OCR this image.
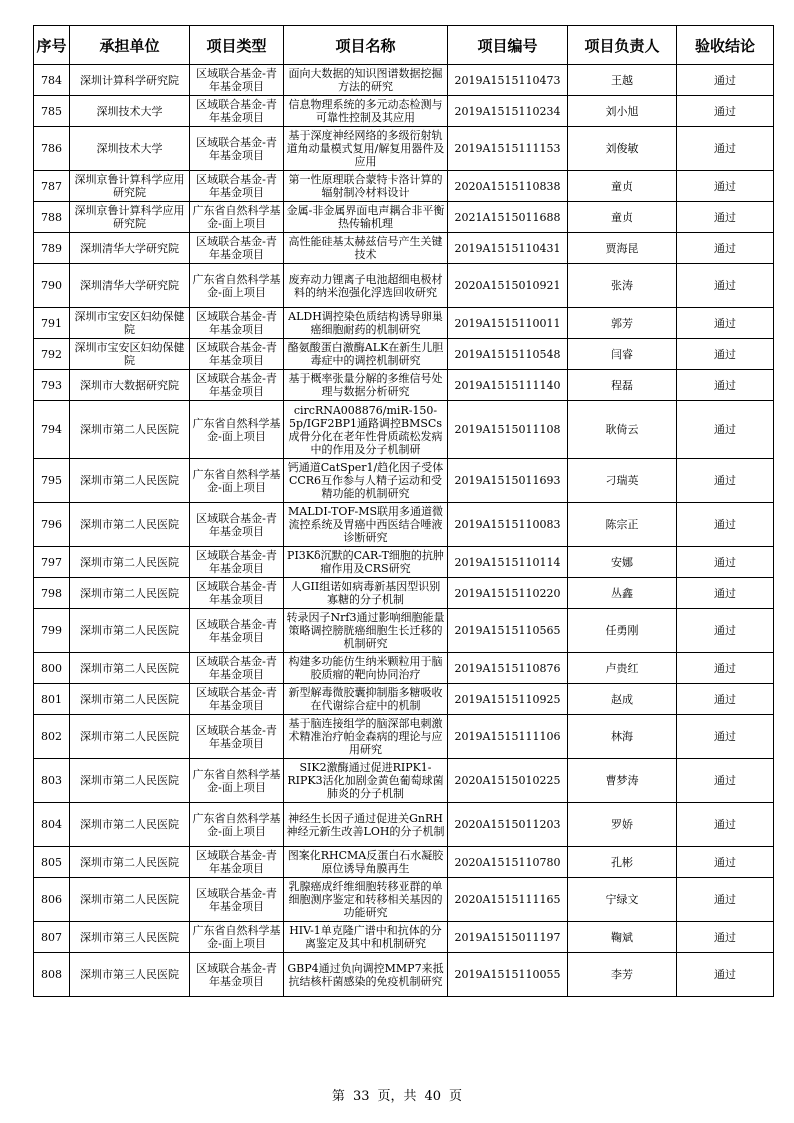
序号	承担单位	项目类型	项目名称	项目编号	项目负责人	验收结论
784	深圳计算科学研究院	区域联合基金-青年基金项目	面向大数据的知识图谱数据挖掘方法的研究	2019A1515110473	王越	通过
785	深圳技术大学	区域联合基金-青年基金项目	信息物理系统的多元动态检测与可靠性控制及其应用	2019A1515110234	刘小旭	通过
786	深圳技术大学	区域联合基金-青年基金项目	基于深度神经网络的多级衍射轨道角动量模式复用/解复用器件及应用	2019A1515111153	刘俊敏	通过
787	深圳京鲁计算科学应用研究院	区域联合基金-青年基金项目	第一性原理联合蒙特卡洛计算的辐射制冷材料设计	2020A1515110838	童贞	通过
788	深圳京鲁计算科学应用研究院	广东省自然科学基金-面上项目	金属-非金属界面电声耦合非平衡热传输机理	2021A1515011688	童贞	通过
789	深圳清华大学研究院	区域联合基金-青年基金项目	高性能硅基太赫兹信号产生关键技术	2019A1515110431	贾海昆	通过
790	深圳清华大学研究院	广东省自然科学基金-面上项目	废弃动力锂离子电池超细电极材料的纳米泡强化浮选回收研究	2020A1515010921	张涛	通过
791	深圳市宝安区妇幼保健院	区域联合基金-青年基金项目	ALDH调控染色质结构诱导卵巢癌细胞耐药的机制研究	2019A1515110011	郭芳	通过
792	深圳市宝安区妇幼保健院	区域联合基金-青年基金项目	酪氨酸蛋白激酶ALK在新生儿胆毒症中的调控机制研究	2019A1515110548	闫睿	通过
793	深圳市大数据研究院	区域联合基金-青年基金项目	基于概率张量分解的多维信号处理与数据分析研究	2019A1515111140	程磊	通过
794	深圳市第二人民医院	广东省自然科学基金-面上项目	circRNA008876/miR-150-5p/IGF2BP1通路调控BMSCs成骨分化在老年性骨质疏松发病中的作用及分子机制研	2019A1515011108	耿倚云	通过
795	深圳市第二人民医院	广东省自然科学基金-面上项目	钙通道CatSper1/趋化因子受体CCR6互作参与人精子运动和受精功能的机制研究	2019A1515011693	刁瑞英	通过
796	深圳市第二人民医院	区域联合基金-青年基金项目	MALDI-TOF-MS联用多通道微流控系统及胃癌中西医结合唾液诊断研究	2019A1515110083	陈宗正	通过
797	深圳市第二人民医院	区域联合基金-青年基金项目	PI3Kδ沉默的CAR-T细胞的抗肿瘤作用及CRS研究	2019A1515110114	安娜	通过
798	深圳市第二人民医院	区域联合基金-青年基金项目	人GII组诺如病毒新基因型识别寡糖的分子机制	2019A1515110220	丛鑫	通过
799	深圳市第二人民医院	区域联合基金-青年基金项目	转录因子Nrf3通过影响细胞能量策略调控膀胱癌细胞生长迁移的机制研究	2019A1515110565	任勇刚	通过
800	深圳市第二人民医院	区域联合基金-青年基金项目	构建多功能仿生纳米颗粒用于脑胶质瘤的靶向协同治疗	2019A1515110876	卢贵红	通过
801	深圳市第二人民医院	区域联合基金-青年基金项目	新型解毒微胶囊抑制脂多糖吸收在代谢综合症中的机制	2019A1515110925	赵成	通过
802	深圳市第二人民医院	区域联合基金-青年基金项目	基于脑连接组学的脑深部电刺激术精准治疗帕金森病的理论与应用研究	2019A1515111106	林海	通过
803	深圳市第二人民医院	广东省自然科学基金-面上项目	SIK2激酶通过促进RIPK1-RIPK3活化加剧金黄色葡萄球菌肺炎的分子机制	2020A1515010225	曹梦涛	通过
804	深圳市第二人民医院	广东省自然科学基金-面上项目	神经生长因子通过促进关GnRH神经元新生改善LOH的分子机制	2020A1515011203	罗娇	通过
805	深圳市第二人民医院	区域联合基金-青年基金项目	图案化RHCMA反蛋白石水凝胶原位诱导角膜再生	2020A1515110780	孔彬	通过
806	深圳市第二人民医院	区域联合基金-青年基金项目	乳腺癌成纤维细胞转移亚群的单细胞测序鉴定和转移相关基因的功能研究	2020A1515111165	宁绿文	通过
807	深圳市第三人民医院	广东省自然科学基金-面上项目	HIV-1单克隆广谱中和抗体的分离鉴定及其中和机制研究	2019A1515011197	鞠斌	通过
808	深圳市第三人民医院	区域联合基金-青年基金项目	GBP4通过负向调控MMP7来抵抗结核杆菌感染的免疫机制研究	2019A1515110055	李芳	通过
第 33 页，共 40 页
